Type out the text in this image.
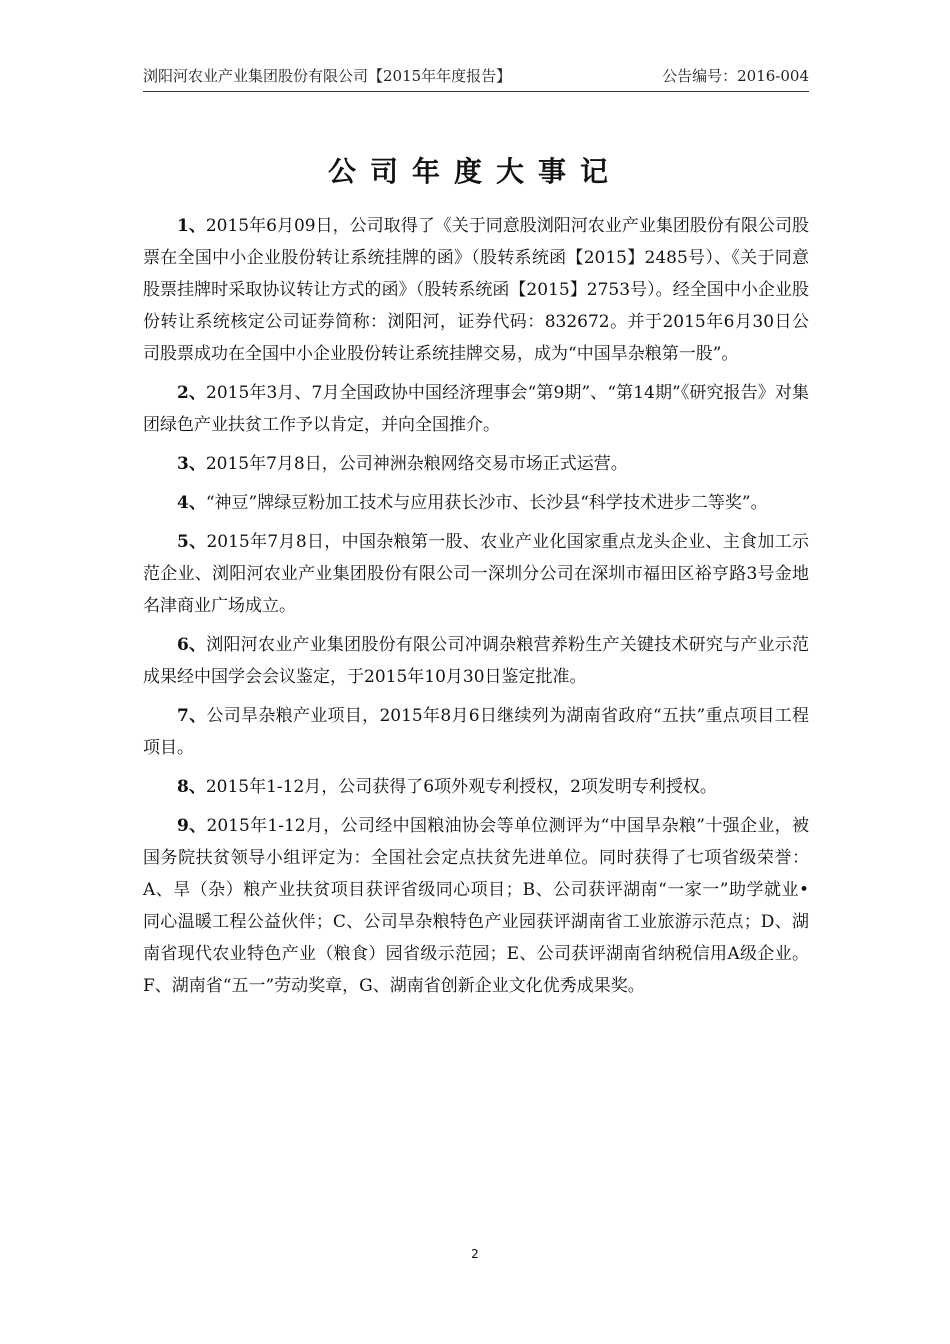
浏阳河农业产业集团股份有限公司【2015年年度报告】	公告编号：2016-004
公司年度大事记

1、2015年6月09日，公司取得了《关于同意股浏阳河农业产业集团股份有限公司股票在全国中小企业股份转让系统挂牌的函》（股转系统函【2015】2485号）、《关于同意股票挂牌时采取协议转让方式的函》（股转系统函【2015】2753号）。经全国中小企业股份转让系统核定公司证券简称：浏阳河，证券代码：832672。并于2015年6月30日公司股票成功在全国中小企业股份转让系统挂牌交易，成为“中国旱杂粮第一股”。

2、2015年3月、7月全国政协中国经济理事会“第9期”、“第14期”《研究报告》对集团绿色产业扶贫工作予以肯定，并向全国推介。

3、2015年7月8日，公司神洲杂粮网络交易市场正式运营。

4、“神豆”牌绿豆粉加工技术与应用获长沙市、长沙县“科学技术进步二等奖”。

5、2015年7月8日，中国杂粮第一股、农业产业化国家重点龙头企业、主食加工示范企业、浏阳河农业产业集团股份有限公司一深圳分公司在深圳市福田区裕亨路3号金地名津商业广场成立。

6、浏阳河农业产业集团股份有限公司冲调杂粮营养粉生产关键技术研究与产业示范成果经中国学会会议鉴定，于2015年10月30日鉴定批准。

7、公司旱杂粮产业项目，2015年8月6日继续列为湖南省政府“五扶”重点项目工程项目。

8、2015年1-12月，公司获得了6项外观专利授权，2项发明专利授权。

9、2015年1-12月，公司经中国粮油协会等单位测评为“中国旱杂粮”十强企业，被国务院扶贫领导小组评定为：全国社会定点扶贫先进单位。同时获得了七项省级荣誉：A、旱（杂）粮产业扶贫项目获评省级同心项目；B、公司获评湖南“一家一”助学就业• 同心温暖工程公益伙伴；C、公司旱杂粮特色产业园获评湖南省工业旅游示范点；D、湖南省现代农业特色产业（粮食）园省级示范园；E、公司获评湖南省纳税信用A级企业。F、湖南省“五一”劳动奖章，G、湖南省创新企业文化优秀成果奖。

2
